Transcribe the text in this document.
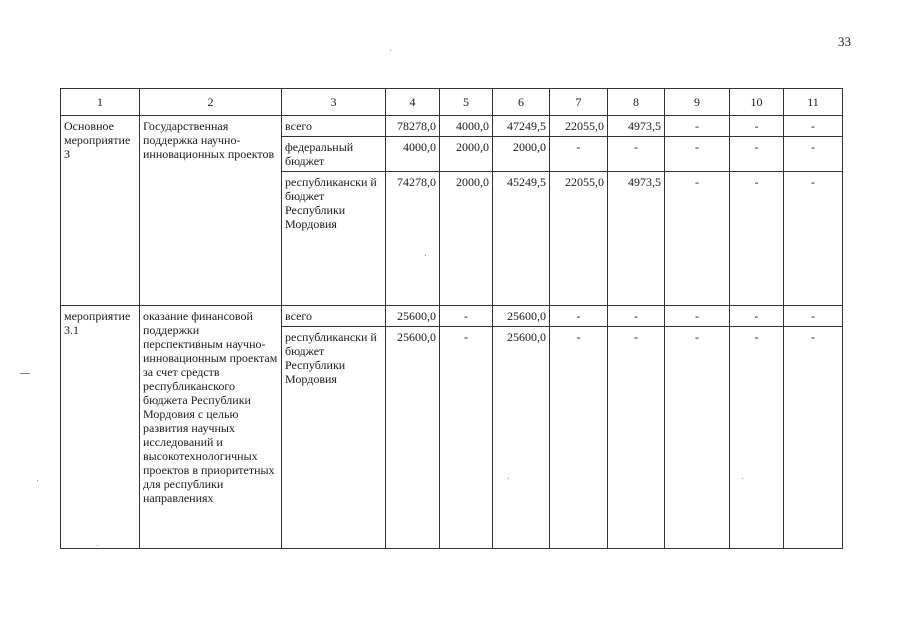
33
1	2	3	4	5	6	7	8	9	10	11
Основное мероприятие 3	Государственная поддержка научно-инновационных проектов	всего	78278,0	4000,0	47249,5	22055,0	4973,5	-	-	-
		федеральный бюджет	4000,0	2000,0	2000,0	-	-	-	-	-
		республикански й бюджет Республики Мордовия	74278,0	2000,0	45249,5	22055,0	4973,5	-	-	-
мероприятие 3.1	оказание финансовой поддержки перспективным научно-инновационным проектам за счет средств республиканского бюджета Республики Мордовия с целью развития научных исследований и высокотехнологичных проектов в приоритетных для республики направлениях	всего	25600,0	-	25600,0	-	-	-	-	-
		республикански й бюджет Республики Мордовия	25600,0	-	25600,0	-	-	-	-	-
